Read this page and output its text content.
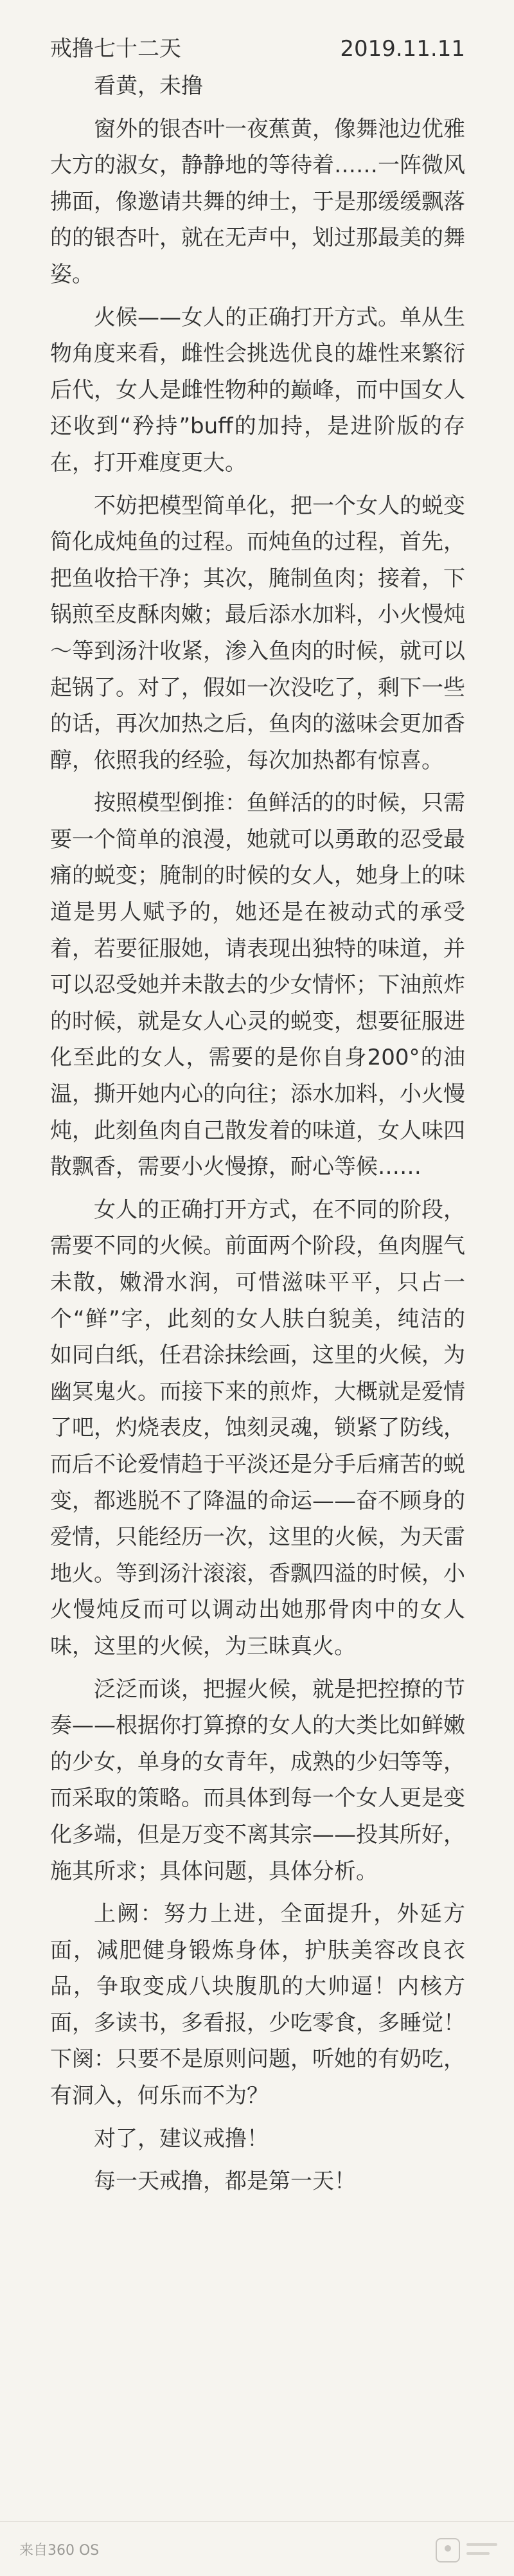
戒撸七十二天	2019.11.11

看黄，未撸

窗外的银杏叶一夜蕉黄，像舞池边优雅大方的淑女，静静地的等待着……一阵微风拂面，像邀请共舞的绅士，于是那缓缓飘落的的银杏叶，就在无声中，划过那最美的舞姿。

火候——女人的正确打开方式。单从生物角度来看，雌性会挑选优良的雄性来繁衍后代，女人是雌性物种的巅峰，而中国女人还收到“矜持”buff的加持，是进阶版的存在，打开难度更大。

不妨把模型简单化，把一个女人的蜕变简化成炖鱼的过程。而炖鱼的过程，首先，把鱼收拾干净；其次，腌制鱼肉；接着，下锅煎至皮酥肉嫩；最后添水加料，小火慢炖～等到汤汁收紧，渗入鱼肉的时候，就可以起锅了。对了，假如一次没吃了，剩下一些的话，再次加热之后，鱼肉的滋味会更加香醇，依照我的经验，每次加热都有惊喜。

按照模型倒推：鱼鲜活的的时候，只需要一个简单的浪漫，她就可以勇敢的忍受最痛的蜕变；腌制的时候的女人，她身上的味道是男人赋予的，她还是在被动式的承受着，若要征服她，请表现出独特的味道，并可以忍受她并未散去的少女情怀；下油煎炸的时候，就是女人心灵的蜕变，想要征服进化至此的女人，需要的是你自身200°的油温，撕开她内心的向往；添水加料，小火慢炖，此刻鱼肉自己散发着的味道，女人味四散飘香，需要小火慢撩，耐心等候……

女人的正确打开方式，在不同的阶段，需要不同的火候。前面两个阶段，鱼肉腥气未散，嫩滑水润，可惜滋味平平，只占一个“鲜”字，此刻的女人肤白貌美，纯洁的如同白纸，任君涂抹绘画，这里的火候，为幽冥鬼火。而接下来的煎炸，大概就是爱情了吧，灼烧表皮，蚀刻灵魂，锁紧了防线，而后不论爱情趋于平淡还是分手后痛苦的蜕变，都逃脱不了降温的命运——奋不顾身的爱情，只能经历一次，这里的火候，为天雷地火。等到汤汁滚滚，香飘四溢的时候，小火慢炖反而可以调动出她那骨肉中的女人味，这里的火候，为三昧真火。

泛泛而谈，把握火候，就是把控撩的节奏——根据你打算撩的女人的大类比如鲜嫩的少女，单身的女青年，成熟的少妇等等，而采取的策略。而具体到每一个女人更是变化多端，但是万变不离其宗——投其所好，施其所求；具体问题，具体分析。

上阙：努力上进，全面提升，外延方面，减肥健身锻炼身体，护肤美容改良衣品，争取变成八块腹肌的大帅逼！内核方面，多读书，多看报，少吃零食，多睡觉！下阕：只要不是原则问题，听她的有奶吃，有洞入，何乐而不为？

对了，建议戒撸！

每一天戒撸，都是第一天！

来自360 OS
